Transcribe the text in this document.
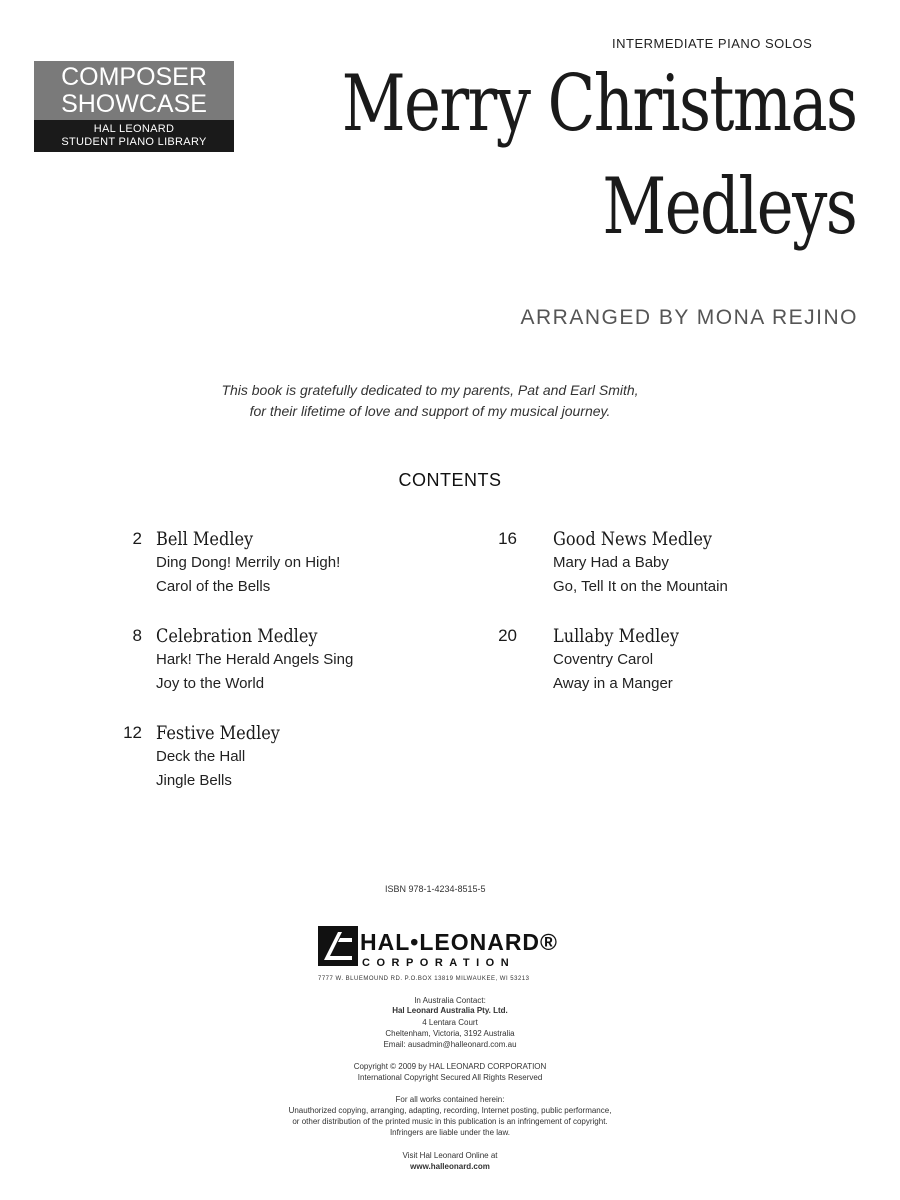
INTERMEDIATE PIANO SOLOS
COMPOSER
SHOWCASE
HAL LEONARD
STUDENT PIANO LIBRARY	Merry Christmas
Medleys
ARRANGED BY MONA REJINO
This book is gratefully dedicated to my parents, Pat and Earl Smith,
for their lifetime of love and support of my musical journey.
CONTENTS
2 Bell Medley
Ding Dong! Merrily on High!
Carol of the Bells
8 Celebration Medley
Hark! The Herald Angels Sing
Joy to the World
12 Festive Medley
Deck the Hall
Jingle Bells
16 Good News Medley
Mary Had a Baby
Go, Tell It on the Mountain
20 Lullaby Medley
Coventry Carol
Away in a Manger
ISBN 978-1-4234-8515-5
HAL•LEONARD®
CORPORATION
7777 W. BLUEMOUND RD. P.O.BOX 13819 MILWAUKEE, WI 53213
In Australia Contact:
Hal Leonard Australia Pty. Ltd.
4 Lentara Court
Cheltenham, Victoria, 3192 Australia
Email: ausadmin@halleonard.com.au
Copyright © 2009 by HAL LEONARD CORPORATION
International Copyright Secured All Rights Reserved
For all works contained herein:
Unauthorized copying, arranging, adapting, recording, Internet posting, public performance,
or other distribution of the printed music in this publication is an infringement of copyright.
Infringers are liable under the law.
Visit Hal Leonard Online at
www.halleonard.com
